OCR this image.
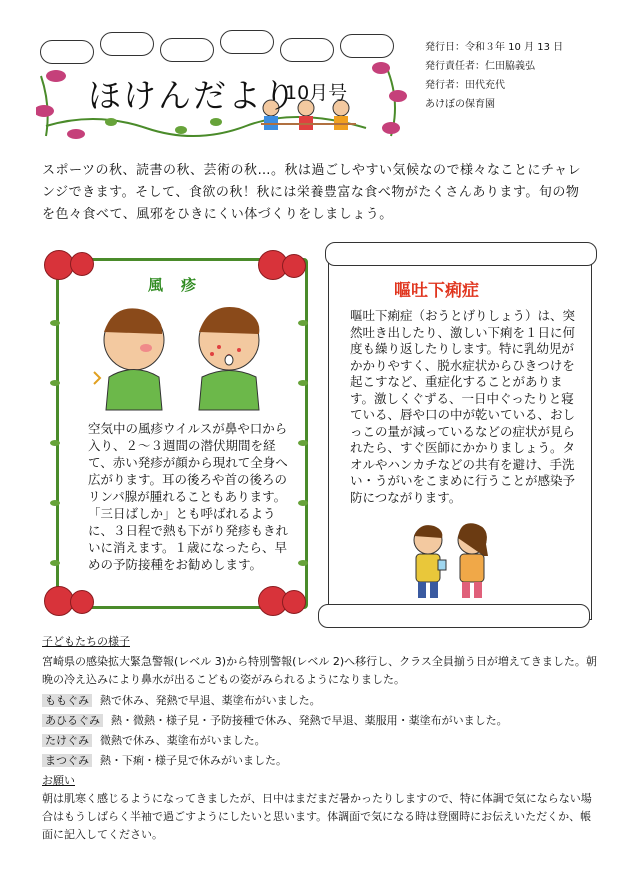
ほけんだより
10月号
発行日：令和３年 10 月 13 日
発行責任者：仁田脇義弘
発行者：田代充代
あけぼの保育園
スポーツの秋、読書の秋、芸術の秋…。秋は過ごしやすい気候なので様々なことにチャレンジできます。そして、食欲の秋！秋には栄養豊富な食べ物がたくさんあります。旬の物を色々食べて、風邪をひきにくい体づくりをしましょう。
風疹
空気中の風疹ウイルスが鼻や口から入り、２～３週間の潜伏期間を経て、赤い発疹が顔から現れて全身へ広がります。耳の後ろや首の後ろのリンパ腺が腫れることもあります。「三日ばしか」とも呼ばれるように、３日程で熱も下がり発疹もきれいに消えます。１歳になったら、早めの予防接種をお勧めします。
嘔吐下痢症
嘔吐下痢症（おうとげりしょう）は、突然吐き出したり、激しい下痢を１日に何度も繰り返したりします。特に乳幼児がかかりやすく、脱水症状からひきつけを起こすなど、重症化することがあります。激しくぐずる、一日中ぐったりと寝ている、唇や口の中が乾いている、おしっこの量が減っているなどの症状が見られたら、すぐ医師にかかりましょう。タオルやハンカチなどの共有を避け、手洗い・うがいをこまめに行うことが感染予防につながります。
子どもたちの様子
宮崎県の感染拡大緊急警報(レベル 3)から特別警報(レベル 2)へ移行し、クラス全員揃う日が増えてきました。朝晩の冷え込みにより鼻水が出るこどもの姿がみられるようになりました。
ももぐみ 熱で休み、発熱で早退、薬塗布がいました。
あひるぐみ 熱・微熱・様子見・予防接種で休み、発熱で早退、薬服用・薬塗布がいました。
たけぐみ 微熱で休み、薬塗布がいました。
まつぐみ 熱・下痢・様子見で休みがいました。
お願い
朝は肌寒く感じるようになってきましたが、日中はまだまだ暑かったりしますので、特に体調で気にならない場合はもうしばらく半袖で過ごすようにしたいと思います。体調面で気になる時は登園時にお伝えいただくか、帳面に記入してください。
